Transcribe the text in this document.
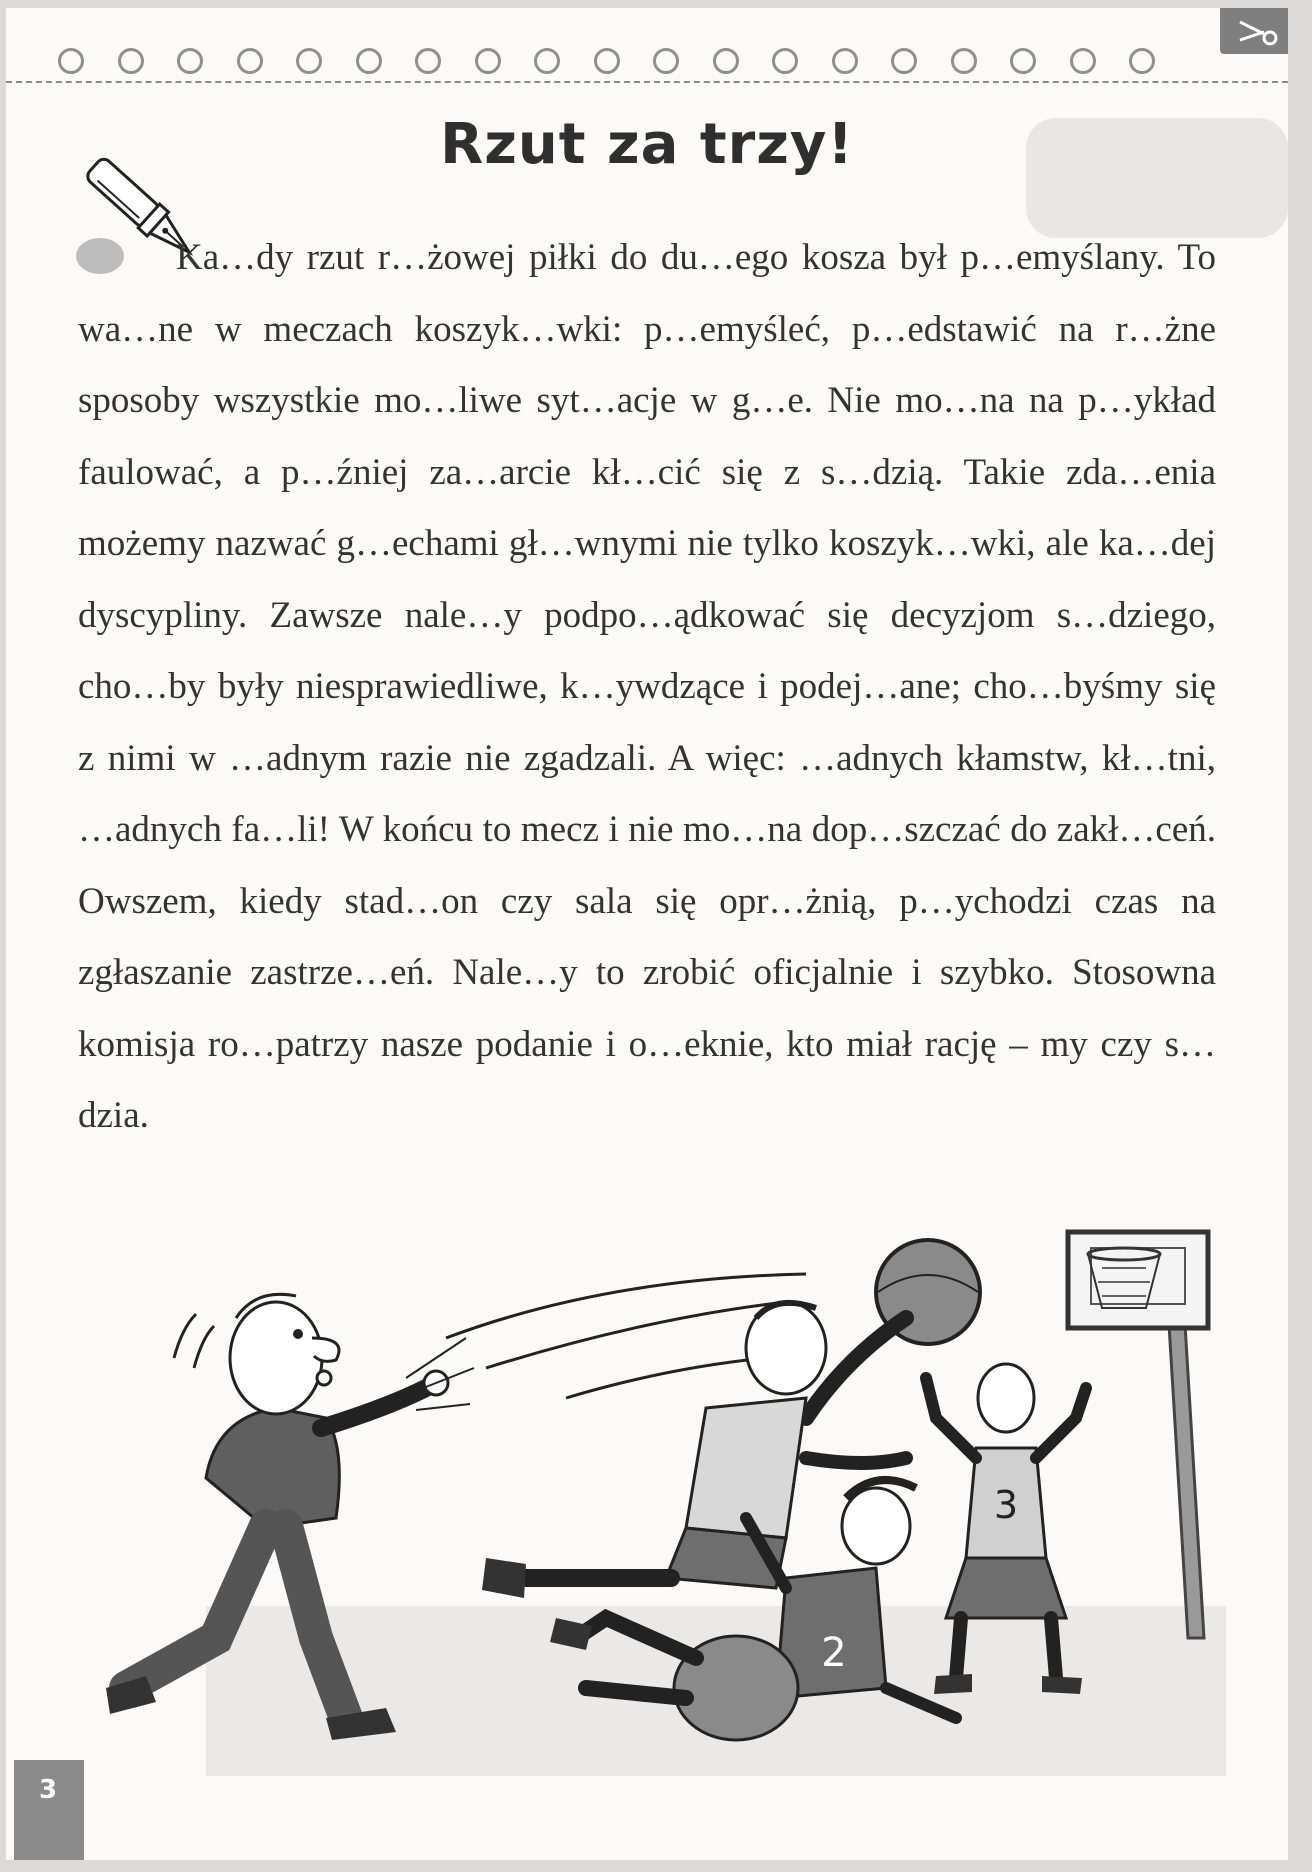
Rzut za trzy!

Ka…dy rzut r…żowej piłki do du…ego kosza był p…emyślany. To wa…ne w meczach koszyk…wki: p…emyśleć, p…edstawić na r…żne sposoby wszystkie mo…liwe syt…acje w g…e. Nie mo…na na p…ykład faulować, a p…źniej za…arcie kł…cić się z s…dzią. Takie zda…enia możemy nazwać g…echami gł…wnymi nie tylko koszyk…wki, ale ka…dej dyscypliny. Zawsze nale…y podpo…ądkować się decyzjom s…dziego, cho…by były niesprawiedliwe, k…ywdzące i podej…ane; cho…byśmy się z nimi w …adnym razie nie zgadzali. A więc: …adnych kłamstw, kł…tni, …adnych fa…li! W końcu to mecz i nie mo…na dop…szczać do zakł…ceń. Owszem, kiedy stad…on czy sala się opr…żnią, p…ychodzi czas na zgłaszanie zastrze…eń. Nale…y to zrobić oficjalnie i szybko. Stosowna komisja ro…patrzy nasze podanie i o…eknie, kto miał rację – my czy s…dzia.

3
2
3
